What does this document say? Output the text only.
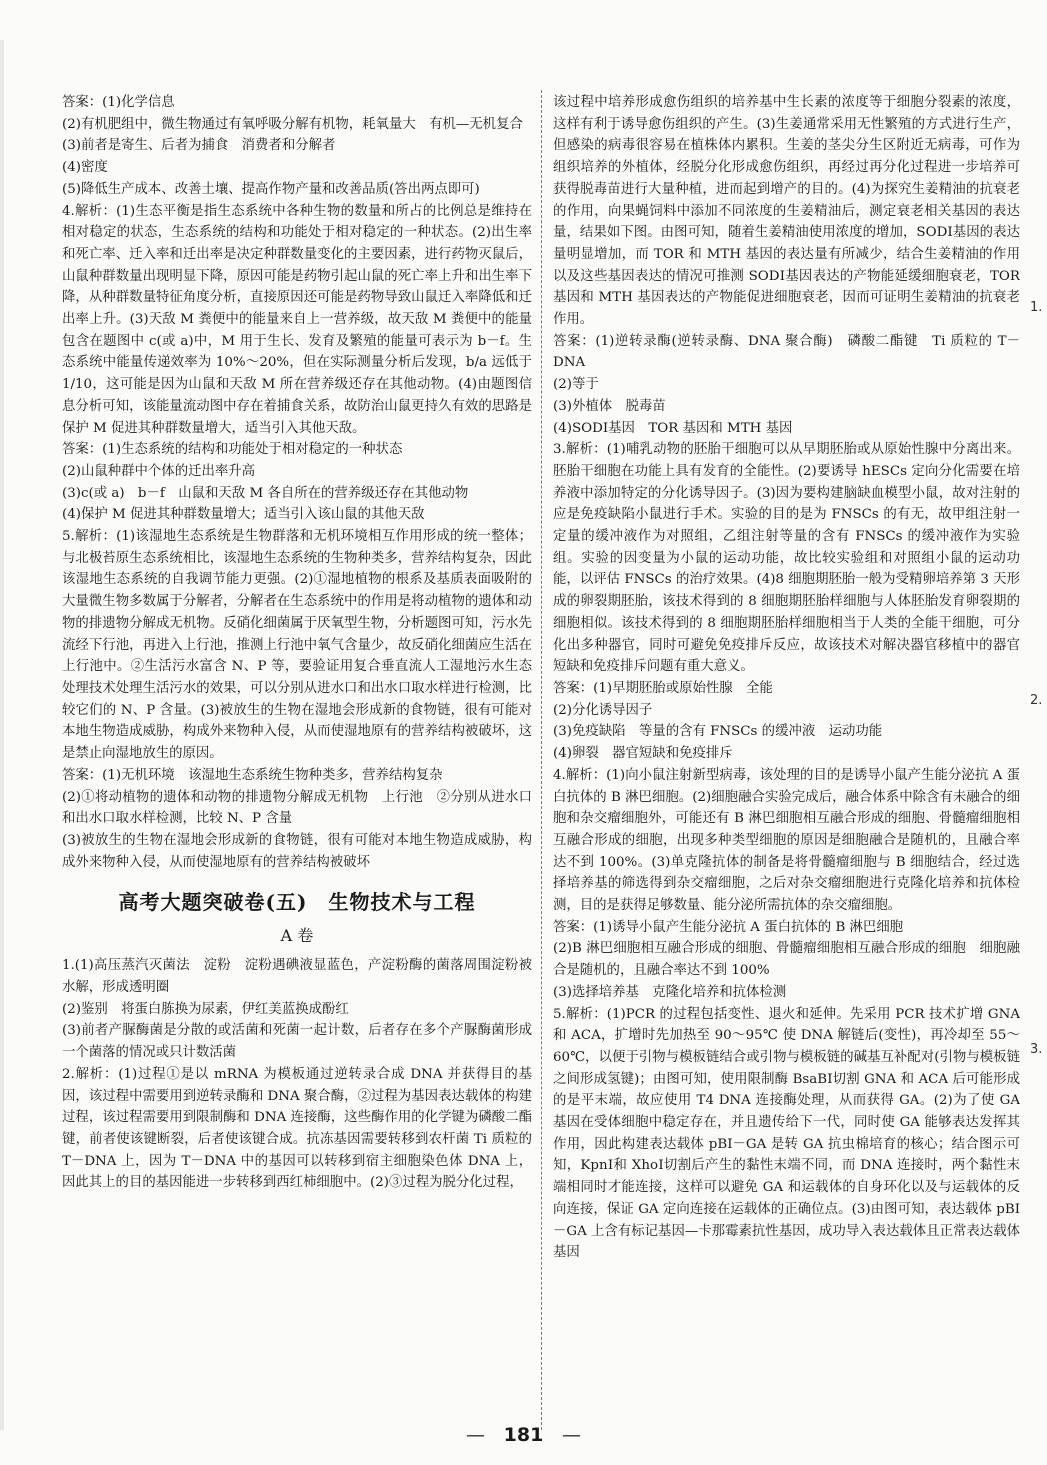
答案：(1)化学信息

(2)有机肥组中，微生物通过有氧呼吸分解有机物，耗氧量大　有机—无机复合

(3)前者是寄生、后者为捕食　消费者和分解者

(4)密度

(5)降低生产成本、改善土壤、提高作物产量和改善品质(答出两点即可)

4.解析：(1)生态平衡是指生态系统中各种生物的数量和所占的比例总是维持在相对稳定的状态，生态系统的结构和功能处于相对稳定的一种状态。(2)出生率和死亡率、迁入率和迁出率是决定种群数量变化的主要因素，进行药物灭鼠后，山鼠种群数量出现明显下降，原因可能是药物引起山鼠的死亡率上升和出生率下降，从种群数量特征角度分析，直接原因还可能是药物导致山鼠迁入率降低和迁出率上升。(3)天敌 M 粪便中的能量来自上一营养级，故天敌 M 粪便中的能量包含在题图中 c(或 a)中，M 用于生长、发育及繁殖的能量可表示为 b－f。生态系统中能量传递效率为 10%～20%，但在实际测量分析后发现，b/a 远低于 1/10，这可能是因为山鼠和天敌 M 所在营养级还存在其他动物。(4)由题图信息分析可知，该能量流动图中存在着捕食关系，故防治山鼠更持久有效的思路是保护 M 促进其种群数量增大，适当引入其他天敌。

答案：(1)生态系统的结构和功能处于相对稳定的一种状态

(2)山鼠种群中个体的迁出率升高

(3)c(或 a)　b－f　山鼠和天敌 M 各自所在的营养级还存在其他动物

(4)保护 M 促进其种群数量增大；适当引入该山鼠的其他天敌

5.解析：(1)该湿地生态系统是生物群落和无机环境相互作用形成的统一整体；与北极苔原生态系统相比，该湿地生态系统的生物种类多，营养结构复杂，因此该湿地生态系统的自我调节能力更强。(2)①湿地植物的根系及基质表面吸附的大量微生物多数属于分解者，分解者在生态系统中的作用是将动植物的遗体和动物的排遗物分解成无机物。反硝化细菌属于厌氧型生物，分析题图可知，污水先流经下行池，再进入上行池，推测上行池中氧气含量少，故反硝化细菌应生活在上行池中。②生活污水富含 N、P 等，要验证用复合垂直流人工湿地污水生态处理技术处理生活污水的效果，可以分别从进水口和出水口取水样进行检测，比较它们的 N、P 含量。(3)被放生的生物在湿地会形成新的食物链，很有可能对本地生物造成威胁，构成外来物种入侵，从而使湿地原有的营养结构被破坏，这是禁止向湿地放生的原因。

答案：(1)无机环境　该湿地生态系统生物种类多，营养结构复杂

(2)①将动植物的遗体和动物的排遗物分解成无机物　上行池　②分别从进水口和出水口取水样检测，比较 N、P 含量

(3)被放生的生物在湿地会形成新的食物链，很有可能对本地生物造成威胁，构成外来物种入侵，从而使湿地原有的营养结构被破坏

高考大题突破卷(五)　生物技术与工程
A 卷

1.(1)高压蒸汽灭菌法　淀粉　淀粉遇碘液显蓝色，产淀粉酶的菌落周围淀粉被水解，形成透明圈

(2)鉴别　将蛋白胨换为尿素，伊红美蓝换成酚红

(3)前者产脲酶菌是分散的或活菌和死菌一起计数，后者存在多个产脲酶菌形成一个菌落的情况或只计数活菌

2.解析：(1)过程①是以 mRNA 为模板通过逆转录合成 DNA 并获得目的基因，该过程中需要用到逆转录酶和 DNA 聚合酶，②过程为基因表达载体的构建过程，该过程需要用到限制酶和 DNA 连接酶，这些酶作用的化学键为磷酸二酯键，前者使该键断裂，后者使该键合成。抗冻基因需要转移到农杆菌 Ti 质粒的 T－DNA 上，因为 T－DNA 中的基因可以转移到宿主细胞染色体 DNA 上，因此其上的目的基因能进一步转移到西红柿细胞中。(2)③过程为脱分化过程，

该过程中培养形成愈伤组织的培养基中生长素的浓度等于细胞分裂素的浓度，这样有利于诱导愈伤组织的产生。(3)生姜通常采用无性繁殖的方式进行生产，但感染的病毒很容易在植株体内累积。生姜的茎尖分生区附近无病毒，可作为组织培养的外植体，经脱分化形成愈伤组织，再经过再分化过程进一步培养可获得脱毒苗进行大量种植，进而起到增产的目的。(4)为探究生姜精油的抗衰老的作用，向果蝇饲料中添加不同浓度的生姜精油后，测定衰老相关基因的表达量，结果如下图。由图可知，随着生姜精油使用浓度的增加，SODⅠ基因的表达量明显增加，而 TOR 和 MTH 基因的表达量有所减少，结合生姜精油的作用以及这些基因表达的情况可推测 SODⅠ基因表达的产物能延缓细胞衰老，TOR 基因和 MTH 基因表达的产物能促进细胞衰老，因而可证明生姜精油的抗衰老作用。

答案：(1)逆转录酶(逆转录酶、DNA 聚合酶)　磷酸二酯键　Ti 质粒的 T－DNA

(2)等于

(3)外植体　脱毒苗

(4)SODⅠ基因　TOR 基因和 MTH 基因

3.解析：(1)哺乳动物的胚胎干细胞可以从早期胚胎或从原始性腺中分离出来。胚胎干细胞在功能上具有发育的全能性。(2)要诱导 hESCs 定向分化需要在培养液中添加特定的分化诱导因子。(3)因为要构建脑缺血模型小鼠，故对注射的应是免疫缺陷小鼠进行手术。实验的目的是为 FNSCs 的有无，故甲组注射一定量的缓冲液作为对照组，乙组注射等量的含有 FNSCs 的缓冲液作为实验组。实验的因变量为小鼠的运动功能，故比较实验组和对照组小鼠的运动功能，以评估 FNSCs 的治疗效果。(4)8 细胞期胚胎一般为受精卵培养第 3 天形成的卵裂期胚胎，该技术得到的 8 细胞期胚胎样细胞与人体胚胎发育卵裂期的细胞相似。该技术得到的 8 细胞期胚胎样细胞相当于人类的全能干细胞，可分化出多种器官，同时可避免免疫排斥反应，故该技术对解决器官移植中的器官短缺和免疫排斥问题有重大意义。

答案：(1)早期胚胎或原始性腺　全能

(2)分化诱导因子

(3)免疫缺陷　等量的含有 FNSCs 的缓冲液　运动功能

(4)卵裂　器官短缺和免疫排斥

4.解析：(1)向小鼠注射新型病毒，该处理的目的是诱导小鼠产生能分泌抗 A 蛋白抗体的 B 淋巴细胞。(2)细胞融合实验完成后，融合体系中除含有未融合的细胞和杂交瘤细胞外，可能还有 B 淋巴细胞相互融合形成的细胞、骨髓瘤细胞相互融合形成的细胞，出现多种类型细胞的原因是细胞融合是随机的，且融合率达不到 100%。(3)单克隆抗体的制备是将骨髓瘤细胞与 B 细胞结合，经过选择培养基的筛选得到杂交瘤细胞，之后对杂交瘤细胞进行克隆化培养和抗体检测，目的是获得足够数量、能分泌所需抗体的杂交瘤细胞。

答案：(1)诱导小鼠产生能分泌抗 A 蛋白抗体的 B 淋巴细胞

(2)B 淋巴细胞相互融合形成的细胞、骨髓瘤细胞相互融合形成的细胞　细胞融合是随机的，且融合率达不到 100%

(3)选择培养基　克隆化培养和抗体检测

5.解析：(1)PCR 的过程包括变性、退火和延伸。先采用 PCR 技术扩增 GNA 和 ACA，扩增时先加热至 90～95℃ 使 DNA 解链后(变性)，再冷却至 55～60℃，以便于引物与模板链结合或引物与模板链的碱基互补配对(引物与模板链之间形成氢键)；由图可知，使用限制酶 BsaBⅠ切割 GNA 和 ACA 后可能形成的是平末端，故应使用 T4 DNA 连接酶处理，从而获得 GA。(2)为了使 GA 基因在受体细胞中稳定存在，并且遗传给下一代，同时使 GA 能够表达发挥其作用，因此构建表达载体 pBI－GA 是转 GA 抗虫棉培育的核心；结合图示可知，KpnⅠ和 XhoⅠ切割后产生的黏性末端不同，而 DNA 连接时，两个黏性末端相同时才能连接，这样可以避免 GA 和运载体的自身环化以及与运载体的反向连接，保证 GA 定向连接在运载体的正确位点。(3)由图可知，表达载体 pBI－GA 上含有标记基因—卡那霉素抗性基因，成功导入表达载体且正常表达载体基因

1.
2.
3.
— 181 —
